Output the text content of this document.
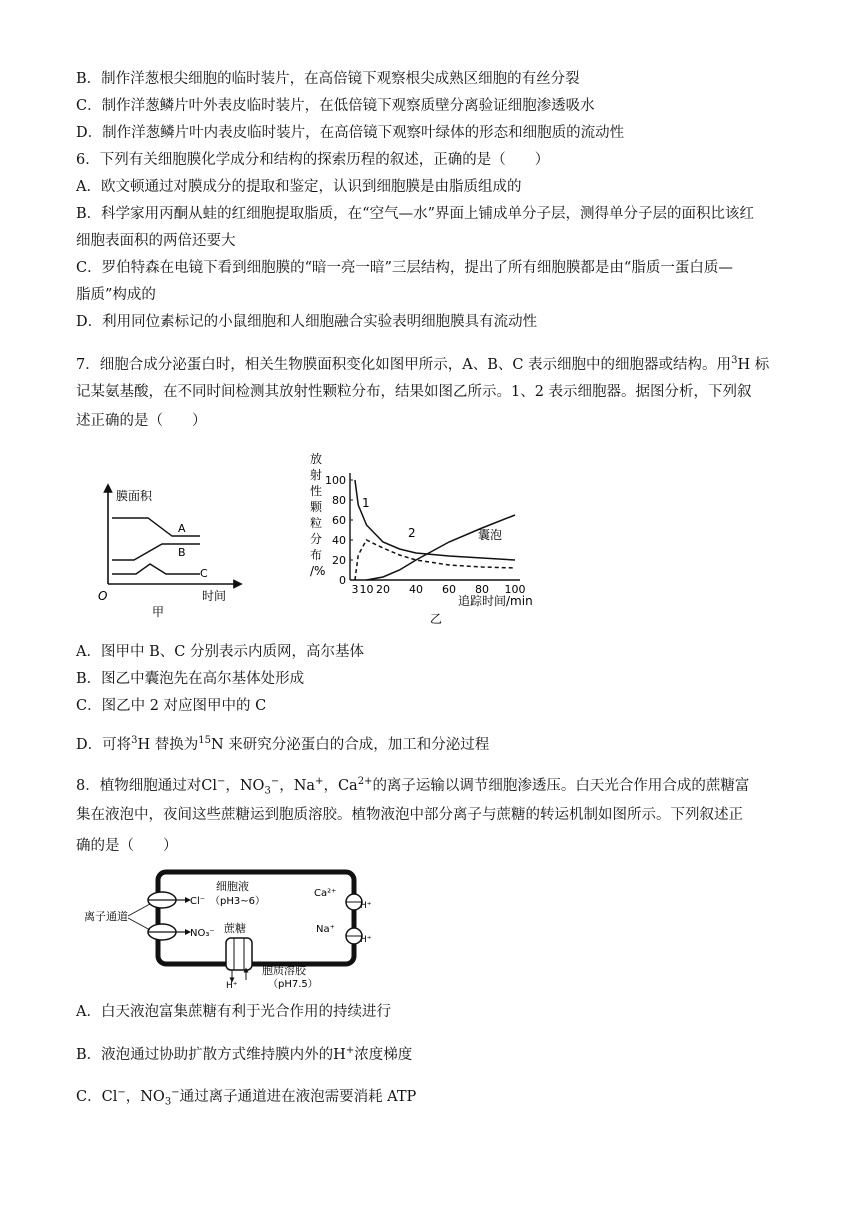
B．制作洋葱根尖细胞的临时装片，在高倍镜下观察根尖成熟区细胞的有丝分裂
C．制作洋葱鳞片叶外表皮临时装片，在低倍镜下观察质壁分离验证细胞渗透吸水
D．制作洋葱鳞片叶内表皮临时装片，在高倍镜下观察叶绿体的形态和细胞质的流动性
6．下列有关细胞膜化学成分和结构的探索历程的叙述，正确的是（　　）
A．欧文顿通过对膜成分的提取和鉴定，认识到细胞膜是由脂质组成的
B．科学家用丙酮从蛙的红细胞提取脂质，在“空气—水”界面上铺成单分子层，测得单分子层的面积比该红
细胞表面积的两倍还要大
C．罗伯特森在电镜下看到细胞膜的“暗一亮一暗”三层结构，提出了所有细胞膜都是由“脂质一蛋白质—
脂质”构成的
D．利用同位素标记的小鼠细胞和人细胞融合实验表明细胞膜具有流动性
7．细胞合成分泌蛋白时，相关生物膜面积变化如图甲所示，A、B、C 表示细胞中的细胞器或结构。用$^3$H 标
记某氨基酸，在不同时间检测其放射性颗粒分布，结果如图乙所示。1、2 表示细胞器。据图分析，下列叙
述正确的是（　　）
膜面积
时间
O
甲
A
B
C
放
射
性
颗
粒
分
布
/%
0
20
40
60
80
100
3 10 20 40 60 80 100
1
2	囊泡
追踪时间/min
乙
A．图甲中 B、C 分别表示内质网，高尔基体
B．图乙中囊泡先在高尔基体处形成
C．图乙中 2 对应图甲中的 C
D．可将$^3$H 替换为$^{15}$N 来研究分泌蛋白的合成，加工和分泌过程
8．植物细胞通过对Cl−，$NO_3^-$，Na+，$Ca^{2+}$的离子运输以调节细胞渗透压。白天光合作用合成的蔗糖富
集在液泡中，夜间这些蔗糖运到胞质溶胶。植物液泡中部分离子与蔗糖的转运机制如图所示。下列叙述正
确的是（　　）
Cl⁻
NO₃⁻
离子通道
细胞液
（pH3~6）
蔗糖
H⁺
胞质溶胶
（pH7.5）
Ca²⁺
Na⁺
H⁺
H⁺
A．白天液泡富集蔗糖有利于光合作用的持续进行
B．液泡通过协助扩散方式维持膜内外的H+浓度梯度
C．Cl−，$NO_3^-$通过离子通道进在液泡需要消耗 ATP
